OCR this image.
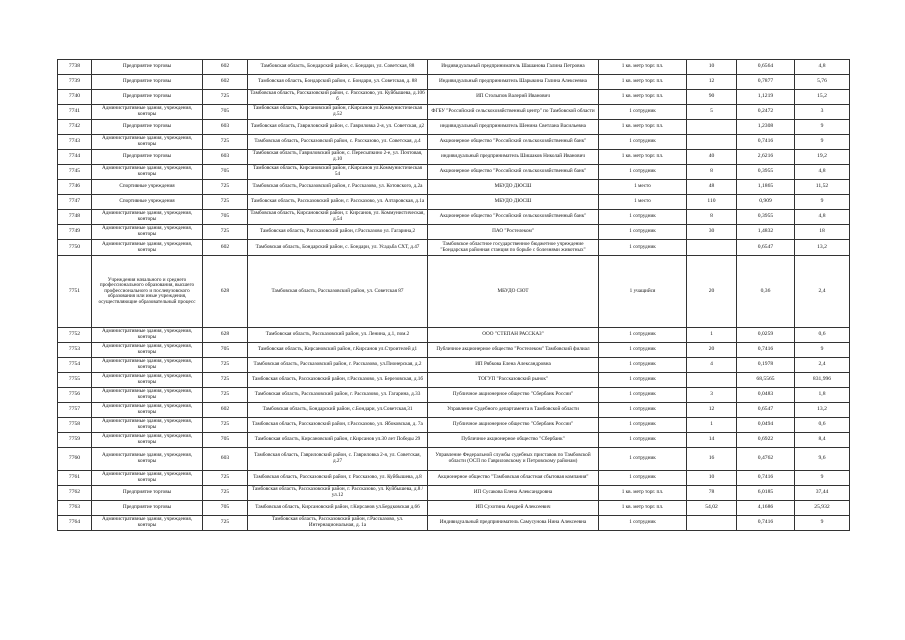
7738	Предприятие торговы	602	Тамбовская область, Бондарский район, с. Бондари, ул. Советская, 88	Индивидуальный предприниматель Шашанова Галина Петровна	1 кв. метр торг. пл.	10	0,6564	4,8
7739	Предприятие торговы	602	Тамбовская область, Бондарский район, с. Бондари, ул. Советская, д. 88	Индивидуальный предприниматель Шарыкина Галина Алексеевна	1 кв. метр торг. пл.	12	0,7877	5,76
7740	Предприятие торговы	725	Тамбовская область, Рассказовский район, с. Рассказово, ул. Куйбышева, д.106 б	ИП Столыпов Валерий Иванович	1 кв. метр торг. пл.	90	1,1219	15,2
7741	Административные здания, учреждения, конторы	705	Тамбовская область, Кирсановский район, г.Кирсанов ул.Коммунистическая д.52	ФГБУ "Российский сельскохозяйственный центр" по Тамбовской области	1 сотрудник	5	0,2472	3
7742	Предприятие торговы	603	Тамбовская область, Гавриловский район, с. Гавриловка 2-я, ул. Советская, д2	индивидуальный предприниматель Шенина Светлана Васильевна	1 кв. метр торг. пл.		1,2308	9
7743	Административные здания, учреждения, конторы	725	Тамбовская область, Рассказовский район, с. Рассказово, ул. Советская, д.4	Акционерное общество "Российский сельскохозяйственный банк"	1 сотрудник		0,7416	9
7744	Предприятие торговы	603	Тамбовская область, Гавриловский район, с. Пересыпкино 2-е, ул. Почтовая, д.10	индивидуальный предприниматель Шишаков Николай Иванович	1 кв. метр торг. пл.	40	2,6216	19,2
7745	Административные здания, учреждения, конторы	705	Тамбовская область, Кирсановский район, г.Кирсанов ул.Коммунистическая 54	Акционерное общество "Российский сельскохозяйственный банк"	1 сотрудник	8	0,3955	4,8
7746	Спортивные учреждения	725	Тамбовская область, Рассказовский район, г. Рассказово, ул. Котовского, д.2а	МБУДО ДЮСШ	1 место	48	1,1865	11,52
7747	Спортивные учреждения	725	Тамбовская область, Рассказовский район, г. Рассказово, ул. Алтаровская, д.1а	МБУДО ДЮСШ	1 место	110	0,909	9
7748	Административные здания, учреждения, конторы	705	Тамбовская область, Кирсановский район, г. Кирсанов, ул. Коммунистическая, д.54	Акционерное общество "Российский сельскохозяйственный банк"	1 сотрудник	8	0,3955	4,8
7749	Административные здания, учреждения, конторы	725	Тамбовская область, Рассказовский район, г.Рассказово ул. Гагарина,2	ПАО "Ростелеком"	1 сотрудник	30	1,4832	18
7750	Административные здания, учреждения, конторы	602	Тамбовская область, Бондарский район, с. Бондари, ул. Усадьба СХТ, д.47	Тамбовское областное государственное бюджетное учреждение "Бондарская районная станция по борьбе с болезнями животных"	1 сотрудник		0,6547	13,2
7751	Учреждения начального и среднего профессионального образования, высшего профессионального и послевузовского образования или иные учреждения, осуществляющие образовательный процесс	628	Тамбовская область, Рассказовский район, ул. Советская 87	МБУДО СЮТ	1 учащийся	20	0,36	2,4
7752	Административные здания, учреждения, конторы	628	Тамбовская область, Рассказовский район, ул. Ленина, д.1, пом.2	ООО "СТЕПАН РАССКАЗ"	1 сотрудник	1	0,0259	0,6
7753	Административные здания, учреждения, конторы	705	Тамбовская область, Кирсановский район, г.Кирсанов ул.Строителей д1	Публичное акционерное общество "Ростелеком" Тамбовский филиал	1 сотрудник	20	0,7416	9
7754	Административные здания, учреждения, конторы	725	Тамбовская область, Рассказовский район, г. Рассказово, ул.Пионерская, д.2	ИП Рябкова Елена Александровна	1 сотрудник	4	0,1978	2,4
7755	Административные здания, учреждения, конторы	725	Тамбовская область, Рассказовский район, г.Рассказово, ул. Березовская, д.1б	ТОГУП "Рассказовский рынок"	1 сотрудник		68,5565	831,996
7756	Административные здания, учреждения, конторы	725	Тамбовская область, Рассказовский район, г. Рассказово, ул. Гагарина, д.33	Публичное акционерное общество "Сбербанк России"	1 сотрудник	3	0,0483	1,8
7757	Административные здания, учреждения, конторы	602	Тамбовская область, Бондарский район, с.Бондари, ул.Советская,31	Управление Судебного департамента в Тамбовской области	1 сотрудник	12	0,6547	13,2
7758	Административные здания, учреждения, конторы	725	Тамбовская область, Рассказовский район, г.Рассказово, ул. Ябоковская, д. 7а	Публичное акционерное общество "Сбербанк России"	1 сотрудник	1	0,0494	0,6
7759	Административные здания, учреждения, конторы	705	Тамбовская область, Кирсановский район, г.Кирсанов ул.30 лет Победы 29	Публичное акционерное общество "Сбербанк"	1 сотрудник	14	0,6922	8,4
7760	Административные здания, учреждения, конторы	603	Тамбовская область, Гавриловский район, с. Гавриловка 2-я, ул. Советская, д.27	Управление Федеральной службы судебных приставов по Тамбовской области (ОСП по Гавриловскому и Петровскому районам)	1 сотрудник	16	0,4762	9,6
7761	Административные здания, учреждения, конторы	725	Тамбовская область, Рассказовский район, г. Рассказово, ул. Куйбышева, д.8	Акционерное общество "Тамбовская областная сбытовая компания"	1 сотрудник	10	0,7416	9
7762	Предприятие торговы	725	Тамбовская область, Рассказовский район, г. Рассказово, ул. Куйбышева, д.8 / ул.12	ИП Сусакова Елена Александровна	1 кв. метр торг. пл.	78	6,0185	37,44
7763	Предприятие торговы	705	Тамбовская область, Кирсановский район, г.Кирсанов ул.Бердковская д.66	ИП Сухотина Андрей Алексеевич	1 кв. метр торг. пл.	54,02	4,1686	25,932
7764	Административные здания, учреждения, конторы	725	Тамбовская область, Рассказовский район, г.Рассказово, ул. Интернациональная, д. 1а	Индивидуальный предприниматель Самусунова Нина Алексеевна	1 сотрудник		0,7416	9
